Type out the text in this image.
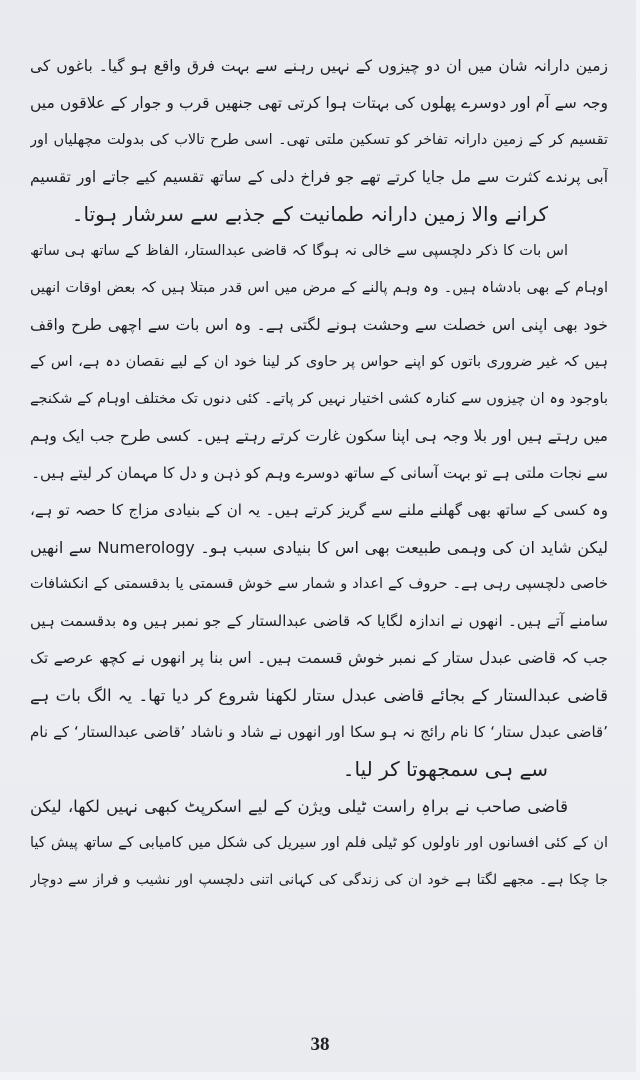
زمین دارانہ شان میں ان دو چیزوں کے نہیں رہنے سے بہت فرق واقع ہو گیا۔ باغوں کی
وجہ سے آم اور دوسرے پھلوں کی بہتات ہوا کرتی تھی جنھیں قرب و جوار کے علاقوں میں
تقسیم کر کے زمین دارانہ تفاخر کو تسکین ملتی تھی۔ اسی طرح تالاب کی بدولت مچھلیاں اور
آبی پرندے کثرت سے مل جایا کرتے تھے جو فراخ دلی کے ساتھ تقسیم کیے جاتے اور تقسیم
کرانے والا زمین دارانہ طمانیت کے جذبے سے سرشار ہوتا۔
اس بات کا ذکر دلچسپی سے خالی نہ ہوگا کہ قاضی عبدالستار، الفاظ کے ساتھ ہی ساتھ
اوہام کے بھی بادشاہ ہیں۔ وہ وہم پالنے کے مرض میں اس قدر مبتلا ہیں کہ بعض اوقات انھیں
خود بھی اپنی اس خصلت سے وحشت ہونے لگتی ہے۔ وہ اس بات سے اچھی طرح واقف
ہیں کہ غیر ضروری باتوں کو اپنے حواس پر حاوی کر لینا خود ان کے لیے نقصان دہ ہے، اس کے
باوجود وہ ان چیزوں سے کنارہ کشی اختیار نہیں کر پاتے۔ کئی دنوں تک مختلف اوہام کے شکنجے
میں رہتے ہیں اور بلا وجہ ہی اپنا سکون غارت کرتے رہتے ہیں۔ کسی طرح جب ایک وہم
سے نجات ملتی ہے تو بہت آسانی کے ساتھ دوسرے وہم کو ذہن و دل کا مہمان کر لیتے ہیں۔
وہ کسی کے ساتھ بھی گھلنے ملنے سے گریز کرتے ہیں۔ یہ ان کے بنیادی مزاج کا حصہ تو ہے،
لیکن شاید ان کی وہمی طبیعت بھی اس کا بنیادی سبب ہو۔ Numerology سے انھیں
خاصی دلچسپی رہی ہے۔ حروف کے اعداد و شمار سے خوش قسمتی یا بدقسمتی کے انکشافات
سامنے آتے ہیں۔ انھوں نے اندازہ لگایا کہ قاضی عبدالستار کے جو نمبر ہیں وہ بدقسمت ہیں
جب کہ قاضی عبدل ستار کے نمبر خوش قسمت ہیں۔ اس بنا پر انھوں نے کچھ عرصے تک
قاضی عبدالستار کے بجائے قاضی عبدل ستار لکھنا شروع کر دیا تھا۔ یہ الگ بات ہے
’قاضی عبدل ستار‘ کا نام رائج نہ ہو سکا اور انھوں نے شاد و ناشاد ’قاضی عبدالستار‘ کے نام
سے ہی سمجھوتا کر لیا۔
قاضی صاحب نے براہِ راست ٹیلی ویژن کے لیے اسکرپٹ کبھی نہیں لکھا، لیکن
ان کے کئی افسانوں اور ناولوں کو ٹیلی فلم اور سیریل کی شکل میں کامیابی کے ساتھ پیش کیا
جا چکا ہے۔ مجھے لگتا ہے خود ان کی زندگی کی کہانی اتنی دلچسپ اور نشیب و فراز سے دوچار
38
